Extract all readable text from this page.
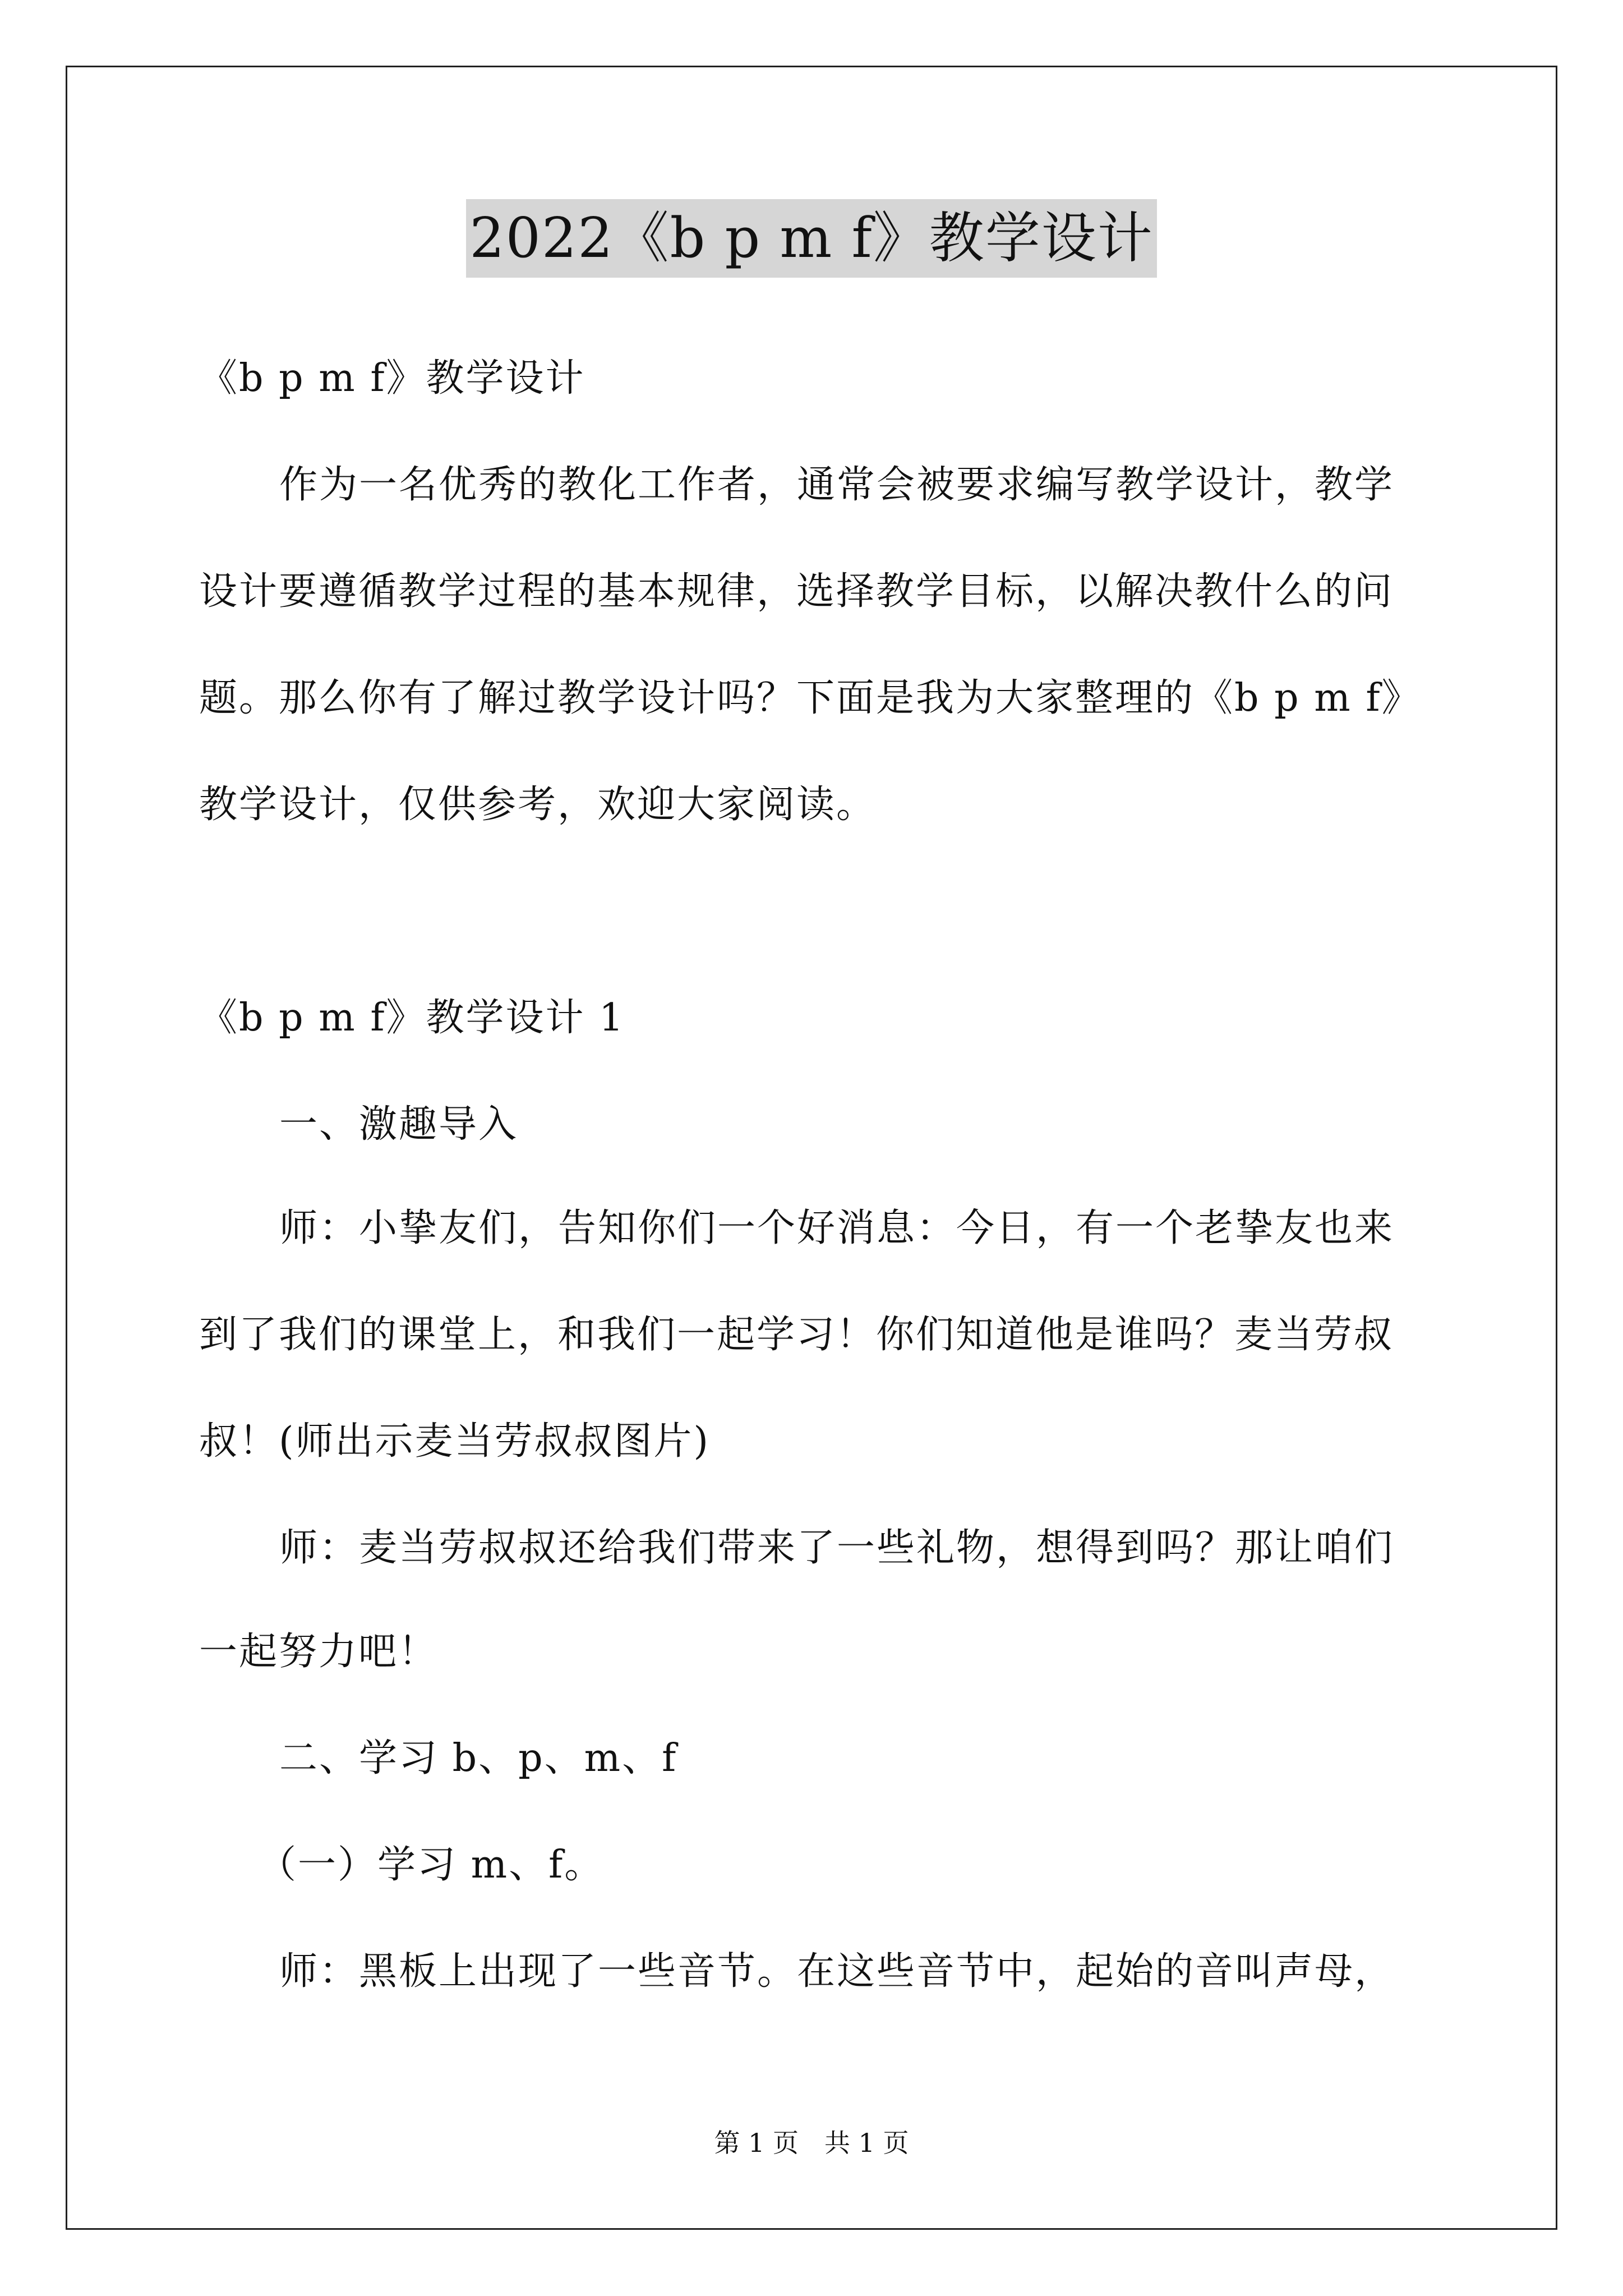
2022《b p m f》教学设计
《b p m f》教学设计
作为一名优秀的教化工作者，通常会被要求编写教学设计，教学
设计要遵循教学过程的基本规律，选择教学目标，以解决教什么的问
题。那么你有了解过教学设计吗？下面是我为大家整理的《b p m f》
教学设计，仅供参考，欢迎大家阅读。
《b p m f》教学设计 1
一、激趣导入
师：小挚友们，告知你们一个好消息：今日，有一个老挚友也来
到了我们的课堂上，和我们一起学习！你们知道他是谁吗？麦当劳叔
叔！(师出示麦当劳叔叔图片)
师：麦当劳叔叔还给我们带来了一些礼物，想得到吗？那让咱们
一起努力吧！
二、学习 b、p、m、f
（一）学习 m、f。
师：黑板上出现了一些音节。在这些音节中，起始的音叫声母，
第 1 页　共 1 页
